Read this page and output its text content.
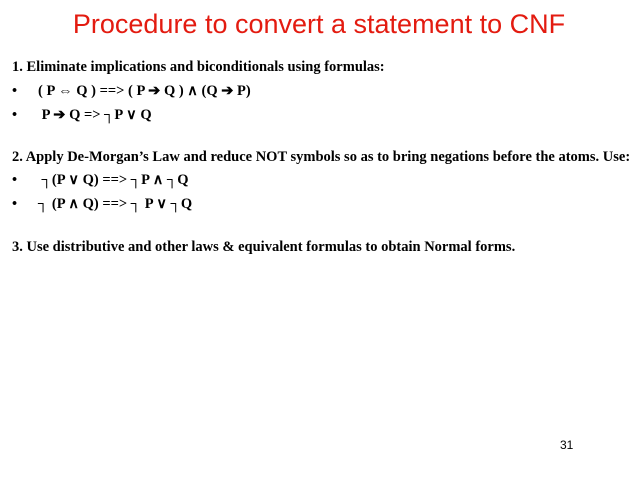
Procedure to convert a statement to CNF
1. Eliminate implications and biconditionals using formulas:
• ( P ⇔ Q ) ==> ( P ➔ Q ) ∧ (Q ➔ P)
• P ➔ Q => ┐P ∨ Q
2. Apply De-Morgan’s Law and reduce NOT symbols so as to bring negations before the atoms. Use:
• ┐(P ∨ Q) ==> ┐P ∧ ┐Q
• ┐ (P ∧ Q) ==> ┐ P ∨ ┐Q
3. Use distributive and other laws & equivalent formulas to obtain Normal forms.
31
